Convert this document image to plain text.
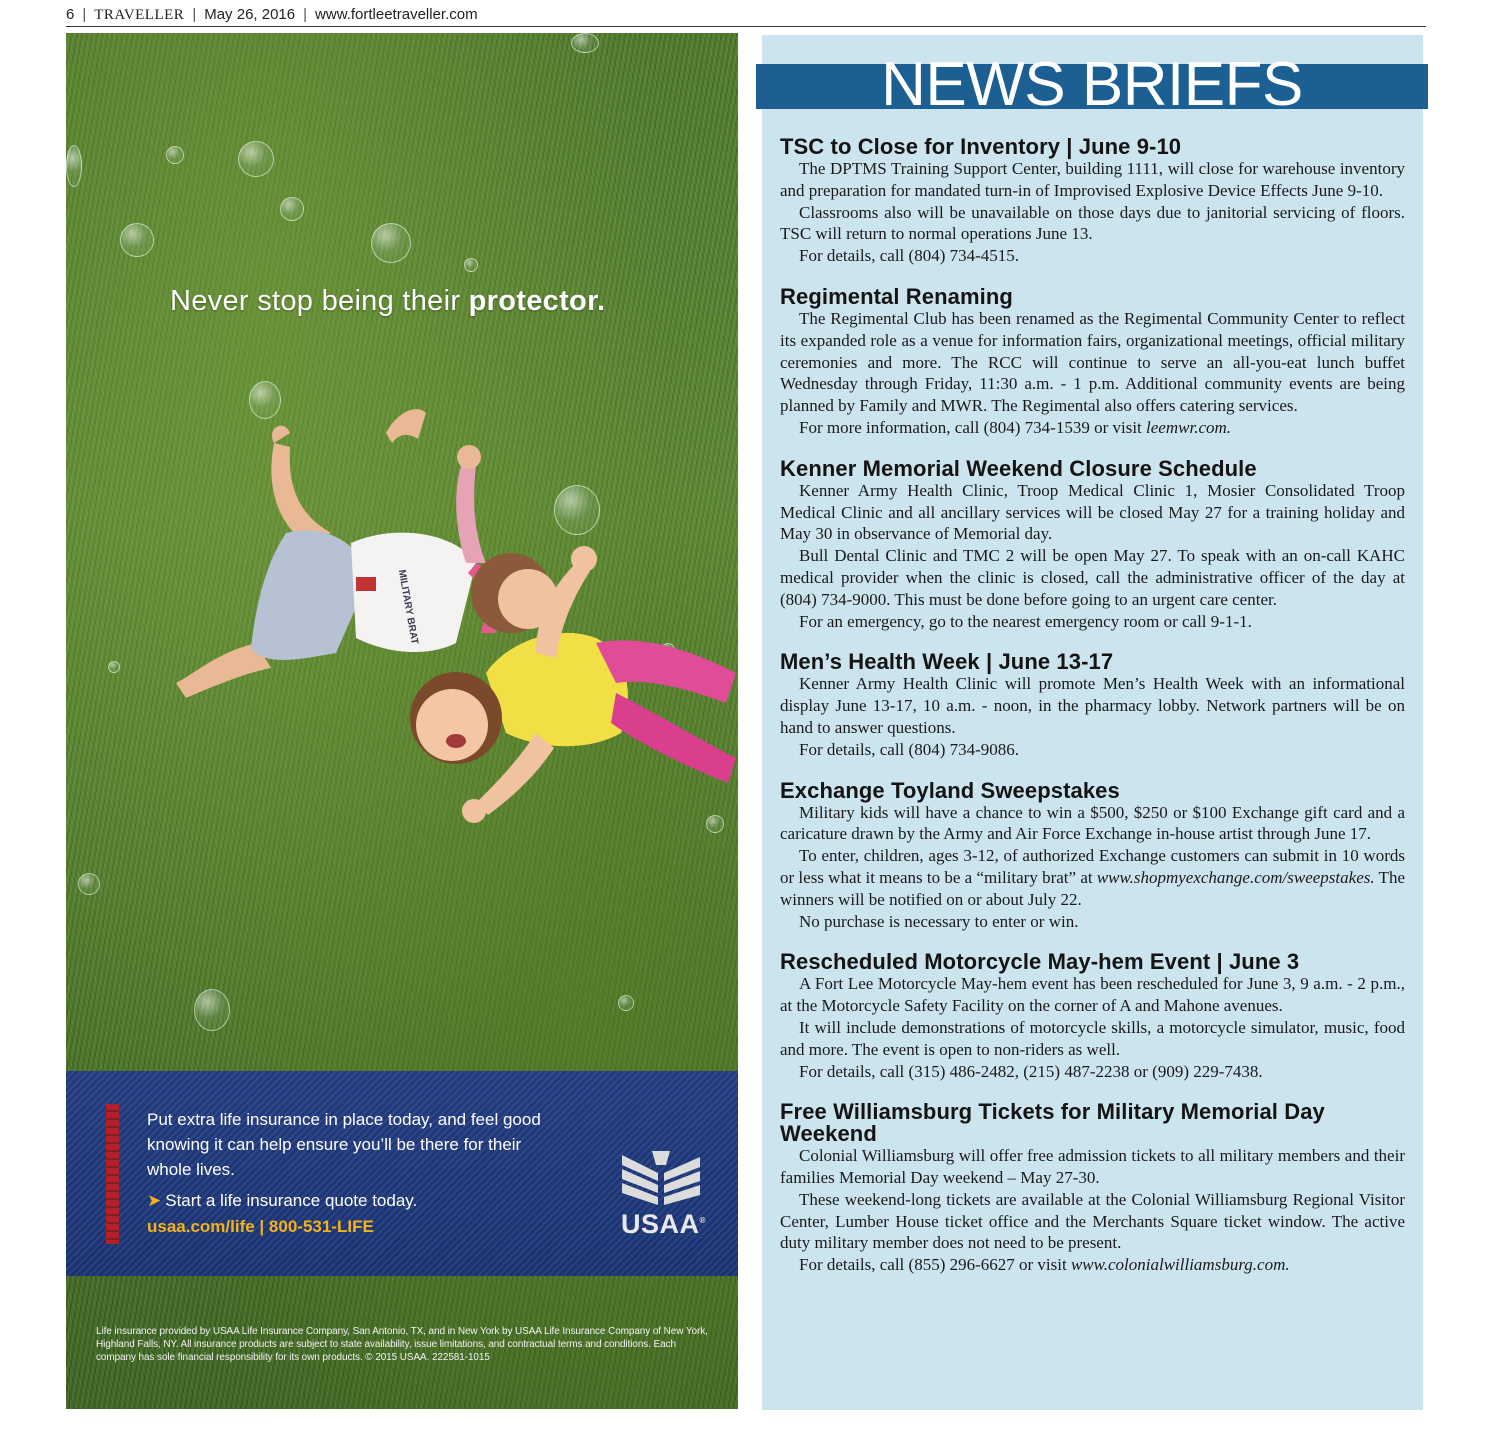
6 | TRAVELLER | May 26, 2016 | www.fortleetraveller.com
Never stop being their protector.
MILITARY BRAT
Put extra life insurance in place today, and feel good knowing it can help ensure you’ll be there for their whole lives.
➤ Start a life insurance quote today.
usaa.com/life | 800-531-LIFE	USAA®
Life insurance provided by USAA Life Insurance Company, San Antonio, TX, and in New York by USAA Life Insurance Company of New York, Highland Falls, NY. All insurance products are subject to state availability, issue limitations, and contractual terms and conditions. Each company has sole financial responsibility for its own products. © 2015 USAA. 222581-1015
NEWS BRIEFS
TSC to Close for Inventory | June 9-10

The DPTMS Training Support Center, building 1111, will close for warehouse inventory and preparation for mandated turn-in of Improvised Explosive Device Effects June 9-10.

Classrooms also will be unavailable on those days due to janitorial servicing of floors. TSC will return to normal operations June 13.

For details, call (804) 734-4515.

Regimental Renaming

The Regimental Club has been renamed as the Regimental Community Center to reflect its expanded role as a venue for information fairs, organizational meetings, official military ceremonies and more. The RCC will continue to serve an all-you-eat lunch buffet Wednesday through Friday, 11:30 a.m. - 1 p.m. Additional community events are being planned by Family and MWR. The Regimental also offers catering services.

For more information, call (804) 734-1539 or visit leemwr.com.

Kenner Memorial Weekend Closure Schedule

Kenner Army Health Clinic, Troop Medical Clinic 1, Mosier Consolidated Troop Medical Clinic and all ancillary services will be closed May 27 for a training holiday and May 30 in observance of Memorial day.

Bull Dental Clinic and TMC 2 will be open May 27. To speak with an on-call KAHC medical provider when the clinic is closed, call the administrative officer of the day at (804) 734-9000. This must be done before going to an urgent care center.

For an emergency, go to the nearest emergency room or call 9-1-1.

Men’s Health Week | June 13-17

Kenner Army Health Clinic will promote Men’s Health Week with an informational display June 13-17, 10 a.m. - noon, in the pharmacy lobby. Network partners will be on hand to answer questions.

For details, call (804) 734-9086.

Exchange Toyland Sweepstakes

Military kids will have a chance to win a $500, $250 or $100 Exchange gift card and a caricature drawn by the Army and Air Force Exchange in-house artist through June 17.

To enter, children, ages 3-12, of authorized Exchange customers can submit in 10 words or less what it means to be a “military brat” at www.shopmyexchange.com/sweepstakes. The winners will be notified on or about July 22.

No purchase is necessary to enter or win.

Rescheduled Motorcycle May-hem Event | June 3

A Fort Lee Motorcycle May-hem event has been rescheduled for June 3, 9 a.m. - 2 p.m., at the Motorcycle Safety Facility on the corner of A and Mahone avenues.

It will include demonstrations of motorcycle skills, a motorcycle simulator, music, food and more. The event is open to non-riders as well.

For details, call (315) 486-2482, (215) 487-2238 or (909) 229-7438.

Free Williamsburg Tickets for Military Memorial Day Weekend

Colonial Williamsburg will offer free admission tickets to all military members and their families Memorial Day weekend – May 27-30.

These weekend-long tickets are available at the Colonial Williamsburg Regional Visitor Center, Lumber House ticket office and the Merchants Square ticket window. The active duty military member does not need to be present.

For details, call (855) 296-6627 or visit www.colonialwilliamsburg.com.
